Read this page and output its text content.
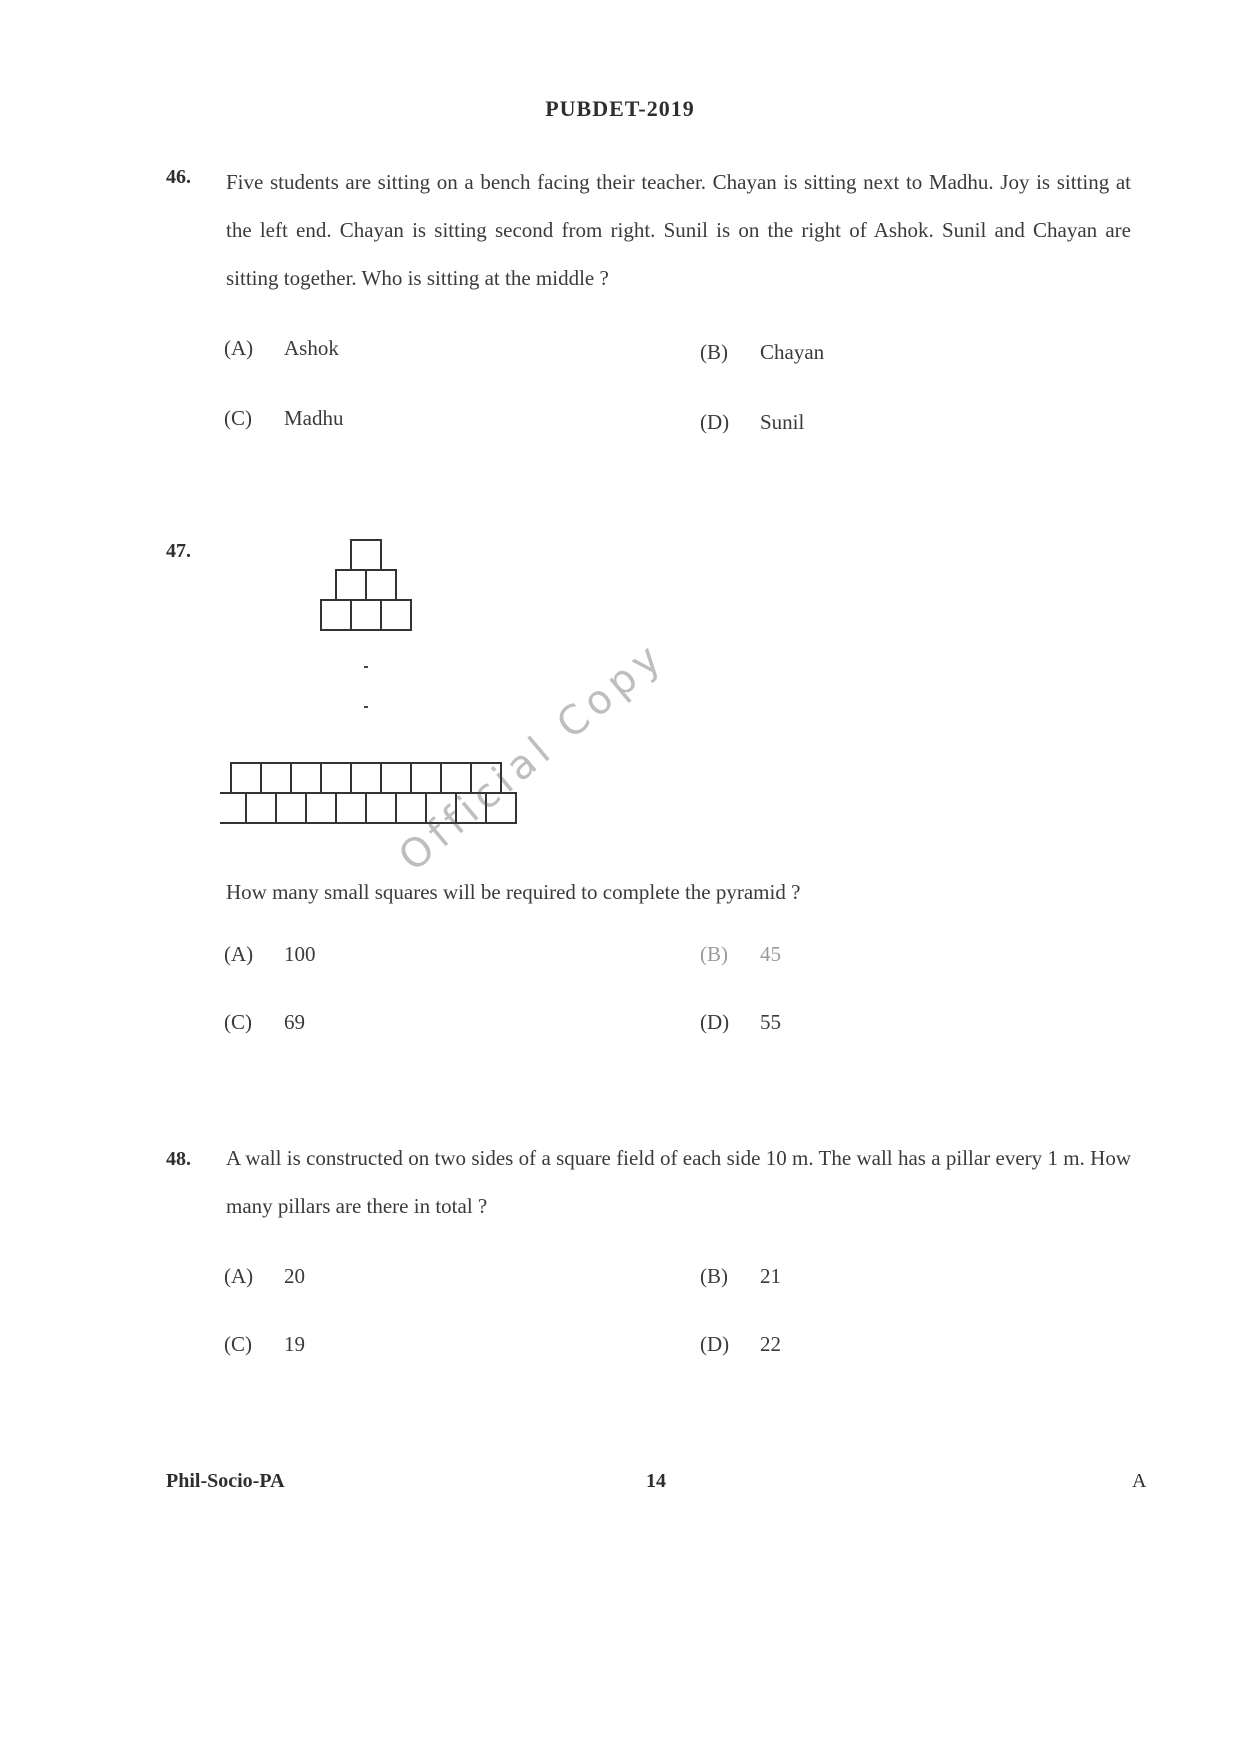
PUBDET-2019
46. Five students are sitting on a bench facing their teacher. Chayan is sitting next to Madhu. Joy is sitting at the left end. Chayan is sitting second from right. Sunil is on the right of Ashok. Sunil and Chayan are sitting together. Who is sitting at the middle ?
(A) Ashok	(B) Chayan
(C) Madhu	(D) Sunil
47.
Official Copy
How many small squares will be required to complete the pyramid ?
(A) 100	(B) 45
(C) 69	(D) 55
48. A wall is constructed on two sides of a square field of each side 10 m. The wall has a pillar every 1 m. How many pillars are there in total ?
(A) 20	(B) 21
(C) 19	(D) 22
Phil-Socio-PA	14	A
